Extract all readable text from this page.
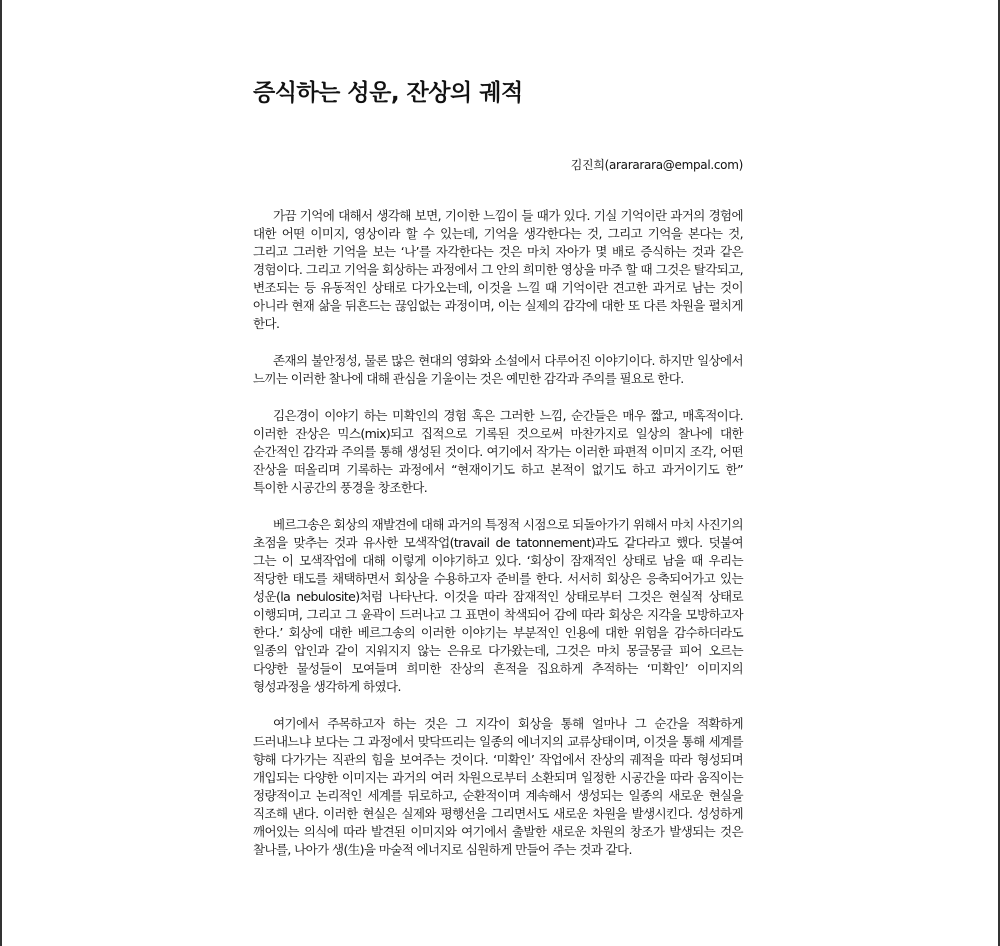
증식하는 성운, 잔상의 궤적
김진희(arararara@empal.com)

가끔 기억에 대해서 생각해 보면, 기이한 느낌이 들 때가 있다. 기실 기억이란 과거의 경험에 대한 어떤 이미지, 영상이라 할 수 있는데, 기억을 생각한다는 것, 그리고 기억을 본다는 것, 그리고 그러한 기억을 보는 ‘나’를 자각한다는 것은 마치 자아가 몇 배로 증식하는 것과 같은 경험이다. 그리고 기억을 회상하는 과정에서 그 안의 희미한 영상을 마주 할 때 그것은 탈각되고, 변조되는 등 유동적인 상태로 다가오는데, 이것을 느낄 때 기억이란 견고한 과거로 남는 것이 아니라 현재 삶을 뒤흔드는 끊임없는 과정이며, 이는 실제의 감각에 대한 또 다른 차원을 펼치게 한다.

존재의 불안정성, 물론 많은 현대의 영화와 소설에서 다루어진 이야기이다. 하지만 일상에서 느끼는 이러한 찰나에 대해 관심을 기울이는 것은 예민한 감각과 주의를 필요로 한다.

김은경이 이야기 하는 미확인의 경험 혹은 그러한 느낌, 순간들은 매우 짧고, 매혹적이다. 이러한 잔상은 믹스(mix)되고 집적으로 기록된 것으로써 마찬가지로 일상의 찰나에 대한 순간적인 감각과 주의를 통해 생성된 것이다. 여기에서 작가는 이러한 파편적 이미지 조각, 어떤 잔상을 떠올리며 기록하는 과정에서 “현재이기도 하고 본적이 없기도 하고 과거이기도 한” 특이한 시공간의 풍경을 창조한다.

베르그송은 회상의 재발견에 대해 과거의 특정적 시점으로 되돌아가기 위해서 마치 사진기의 초점을 맞추는 것과 유사한 모색작업(travail de tatonnement)과도 같다라고 했다. 덧붙여 그는 이 모색작업에 대해 이렇게 이야기하고 있다. ‘회상이 잠재적인 상태로 남을 때 우리는 적당한 태도를 채택하면서 회상을 수용하고자 준비를 한다. 서서히 회상은 응축되어가고 있는 성운(la nebulosite)처럼 나타난다. 이것을 따라 잠재적인 상태로부터 그것은 현실적 상태로 이행되며, 그리고 그 윤곽이 드러나고 그 표면이 착색되어 감에 따라 회상은 지각을 모방하고자 한다.’ 회상에 대한 베르그송의 이러한 이야기는 부분적인 인용에 대한 위험을 감수하더라도 일종의 압인과 같이 지워지지 않는 은유로 다가왔는데, 그것은 마치 몽글몽글 피어 오르는 다양한 물성들이 모여들며 희미한 잔상의 흔적을 집요하게 추적하는 ‘미확인’ 이미지의 형성과정을 생각하게 하였다.

여기에서 주목하고자 하는 것은 그 지각이 회상을 통해 얼마나 그 순간을 적확하게 드러내느냐 보다는 그 과정에서 맞닥뜨리는 일종의 에너지의 교류상태이며, 이것을 통해 세계를 향해 다가가는 직관의 힘을 보여주는 것이다. ‘미확인’ 작업에서 잔상의 궤적을 따라 형성되며 개입되는 다양한 이미지는 과거의 여러 차원으로부터 소환되며 일정한 시공간을 따라 움직이는 정량적이고 논리적인 세계를 뒤로하고, 순환적이며 계속해서 생성되는 일종의 새로운 현실을 직조해 낸다. 이러한 현실은 실제와 평행선을 그리면서도 새로운 차원을 발생시킨다. 성성하게 깨어있는 의식에 따라 발견된 이미지와 여기에서 출발한 새로운 차원의 창조가 발생되는 것은 찰나를, 나아가 생(生)을 마술적 에너지로 심원하게 만들어 주는 것과 같다.
